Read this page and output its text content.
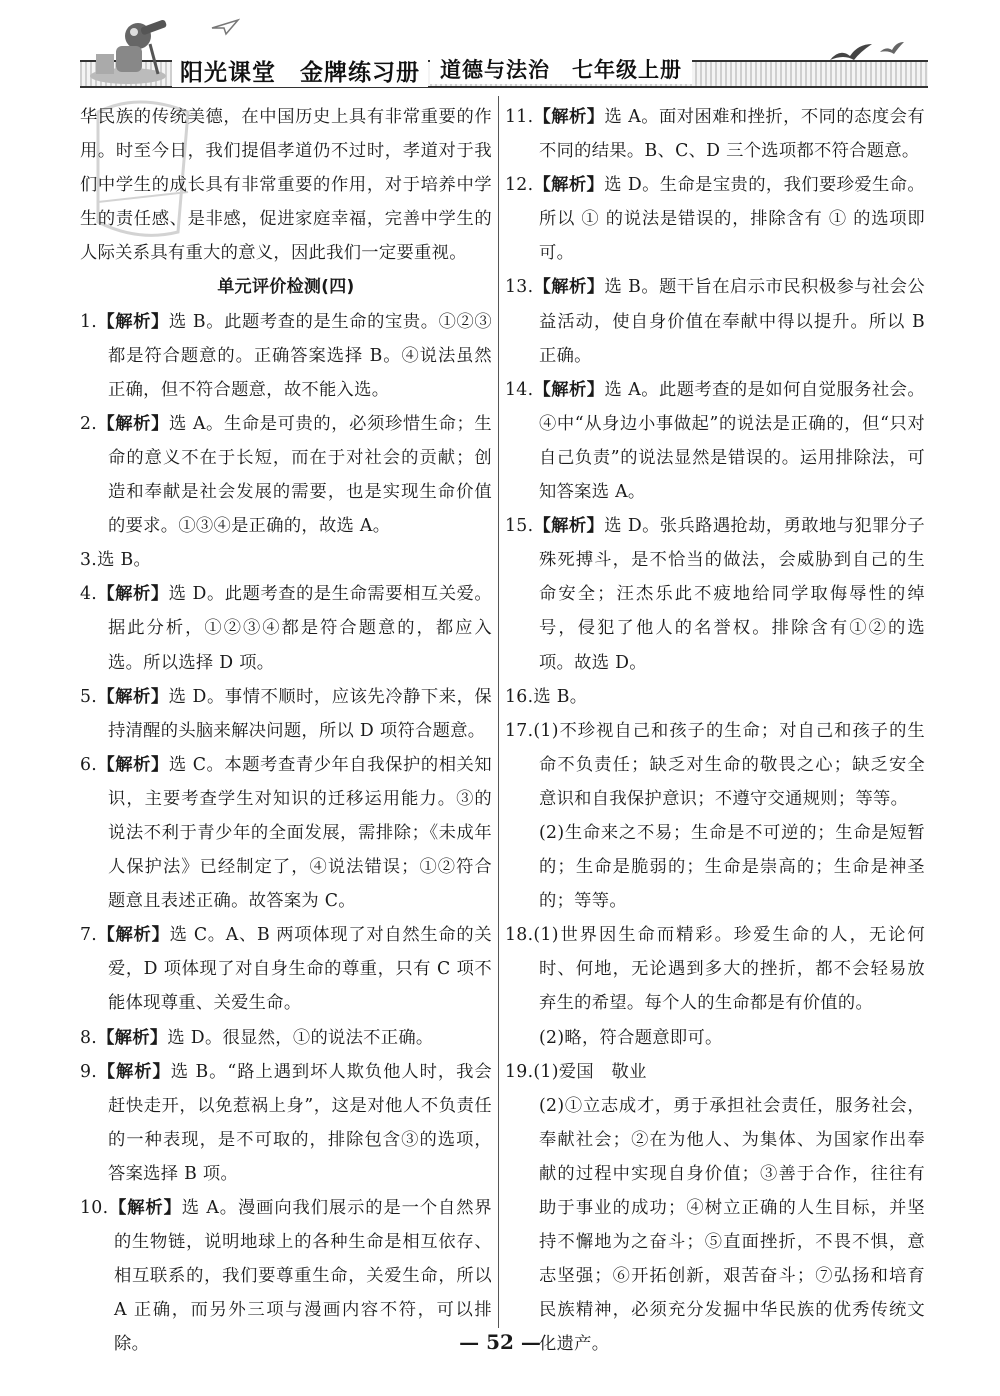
阳光课堂 金牌练习册 道德与法治 七年级上册

华民族的传统美德，在中国历史上具有非常重要的作用。时至今日，我们提倡孝道仍不过时，孝道对于我们中学生的成长具有非常重要的作用，对于培养中学生的责任感、是非感，促进家庭幸福，完善中学生的人际关系具有重大的意义，因此我们一定要重视。

单元评价检测(四)

1.【解析】选 B。此题考查的是生命的宝贵。①②③都是符合题意的。正确答案选择 B。④说法虽然正确，但不符合题意，故不能入选。

2.【解析】选 A。生命是可贵的，必须珍惜生命；生命的意义不在于长短，而在于对社会的贡献；创造和奉献是社会发展的需要，也是实现生命价值的要求。①③④是正确的，故选 A。

3.选 B。

4.【解析】选 D。此题考查的是生命需要相互关爱。据此分析，①②③④都是符合题意的，都应入选。所以选择 D 项。

5.【解析】选 D。事情不顺时，应该先冷静下来，保持清醒的头脑来解决问题，所以 D 项符合题意。

6.【解析】选 C。本题考查青少年自我保护的相关知识，主要考查学生对知识的迁移运用能力。③的说法不利于青少年的全面发展，需排除；《未成年人保护法》已经制定了，④说法错误；①②符合题意且表述正确。故答案为 C。

7.【解析】选 C。A、B 两项体现了对自然生命的关爱，D 项体现了对自身生命的尊重，只有 C 项不能体现尊重、关爱生命。

8.【解析】选 D。很显然，①的说法不正确。

9.【解析】选 B。“路上遇到坏人欺负他人时，我会赶快走开，以免惹祸上身”，这是对他人不负责任的一种表现，是不可取的，排除包含③的选项，答案选择 B 项。

10.【解析】选 A。漫画向我们展示的是一个自然界的生物链，说明地球上的各种生命是相互依存、相互联系的，我们要尊重生命，关爱生命，所以 A 正确，而另外三项与漫画内容不符，可以排除。

11.【解析】选 A。面对困难和挫折，不同的态度会有不同的结果。B、C、D 三个选项都不符合题意。

12.【解析】选 D。生命是宝贵的，我们要珍爱生命。所以 ① 的说法是错误的，排除含有 ① 的选项即可。

13.【解析】选 B。题干旨在启示市民积极参与社会公益活动，使自身价值在奉献中得以提升。所以 B 正确。

14.【解析】选 A。此题考查的是如何自觉服务社会。④中“从身边小事做起”的说法是正确的，但“只对自己负责”的说法显然是错误的。运用排除法，可知答案选 A。

15.【解析】选 D。张兵路遇抢劫，勇敢地与犯罪分子殊死搏斗，是不恰当的做法，会威胁到自己的生命安全；汪杰乐此不疲地给同学取侮辱性的绰号，侵犯了他人的名誉权。排除含有①②的选项。故选 D。

16.选 B。

17.(1)不珍视自己和孩子的生命；对自己和孩子的生命不负责任；缺乏对生命的敬畏之心；缺乏安全意识和自我保护意识；不遵守交通规则；等等。

(2)生命来之不易；生命是不可逆的；生命是短暂的；生命是脆弱的；生命是崇高的；生命是神圣的；等等。

18.(1)世界因生命而精彩。珍爱生命的人，无论何时、何地，无论遇到多大的挫折，都不会轻易放弃生的希望。每个人的生命都是有价值的。

(2)略，符合题意即可。

19.(1)爱国　敬业

(2)①立志成才，勇于承担社会责任，服务社会，奉献社会；②在为他人、为集体、为国家作出奉献的过程中实现自身价值；③善于合作，往往有助于事业的成功；④树立正确的人生目标，并坚持不懈地为之奋斗；⑤直面挫折，不畏不惧，意志坚强；⑥开拓创新，艰苦奋斗；⑦弘扬和培育民族精神，必须充分发掘中华民族的优秀传统文化遗产。

— 52 —
